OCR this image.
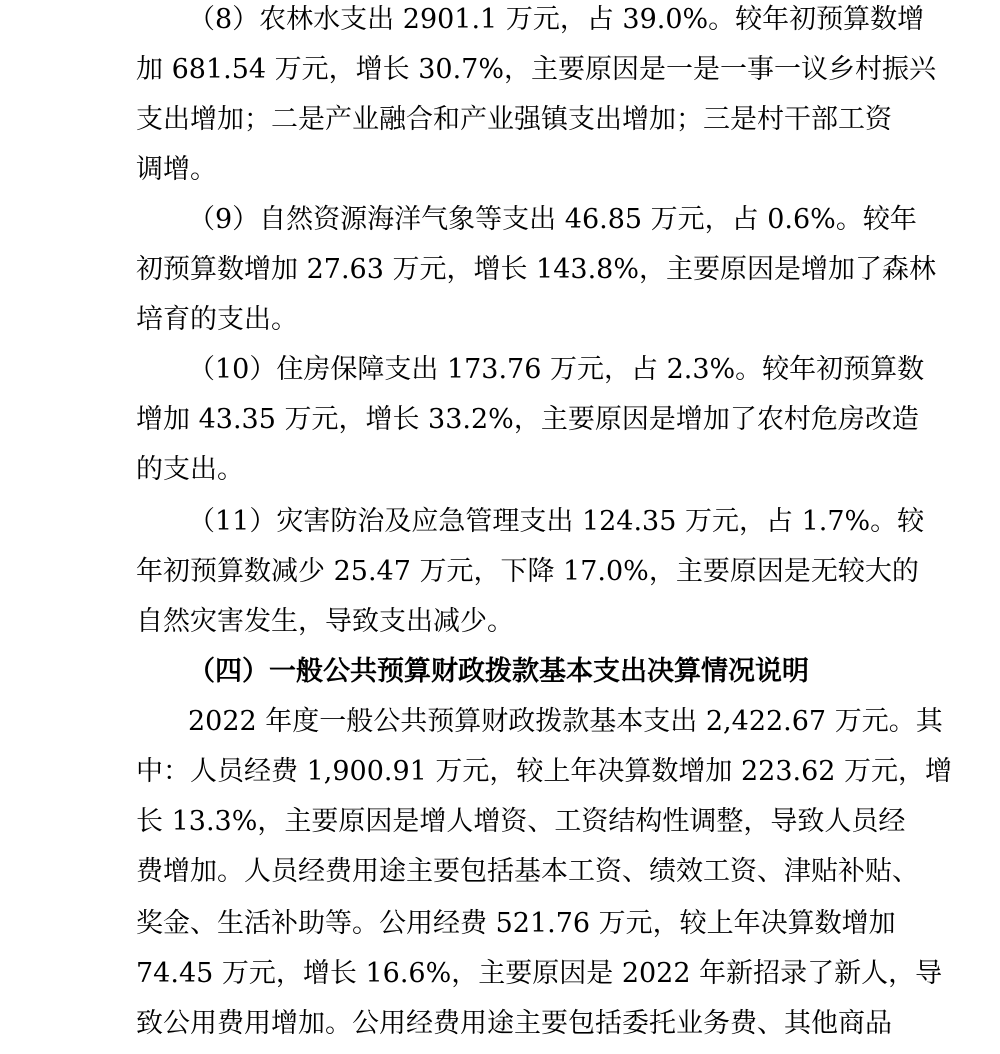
（8）农林水支出 2901.1 万元，占 39.0%。较年初预算数增
加 681.54 万元，增长 30.7%，主要原因是一是一事一议乡村振兴
支出增加；二是产业融合和产业强镇支出增加；三是村干部工资
调增。
（9）自然资源海洋气象等支出 46.85 万元，占 0.6%。较年
初预算数增加 27.63 万元，增长 143.8%，主要原因是增加了森林
培育的支出。
（10）住房保障支出 173.76 万元，占 2.3%。较年初预算数
增加 43.35 万元，增长 33.2%，主要原因是增加了农村危房改造
的支出。
（11）灾害防治及应急管理支出 124.35 万元，占 1.7%。较
年初预算数减少 25.47 万元，下降 17.0%，主要原因是无较大的
自然灾害发生，导致支出减少。
（四）一般公共预算财政拨款基本支出决算情况说明
2022 年度一般公共预算财政拨款基本支出 2,422.67 万元。其
中：人员经费 1,900.91 万元，较上年决算数增加 223.62 万元，增
长 13.3%，主要原因是增人增资、工资结构性调整，导致人员经
费增加。人员经费用途主要包括基本工资、绩效工资、津贴补贴、
奖金、生活补助等。公用经费 521.76 万元，较上年决算数增加
74.45 万元，增长 16.6%，主要原因是 2022 年新招录了新人，导
致公用费用增加。公用经费用途主要包括委托业务费、其他商品
